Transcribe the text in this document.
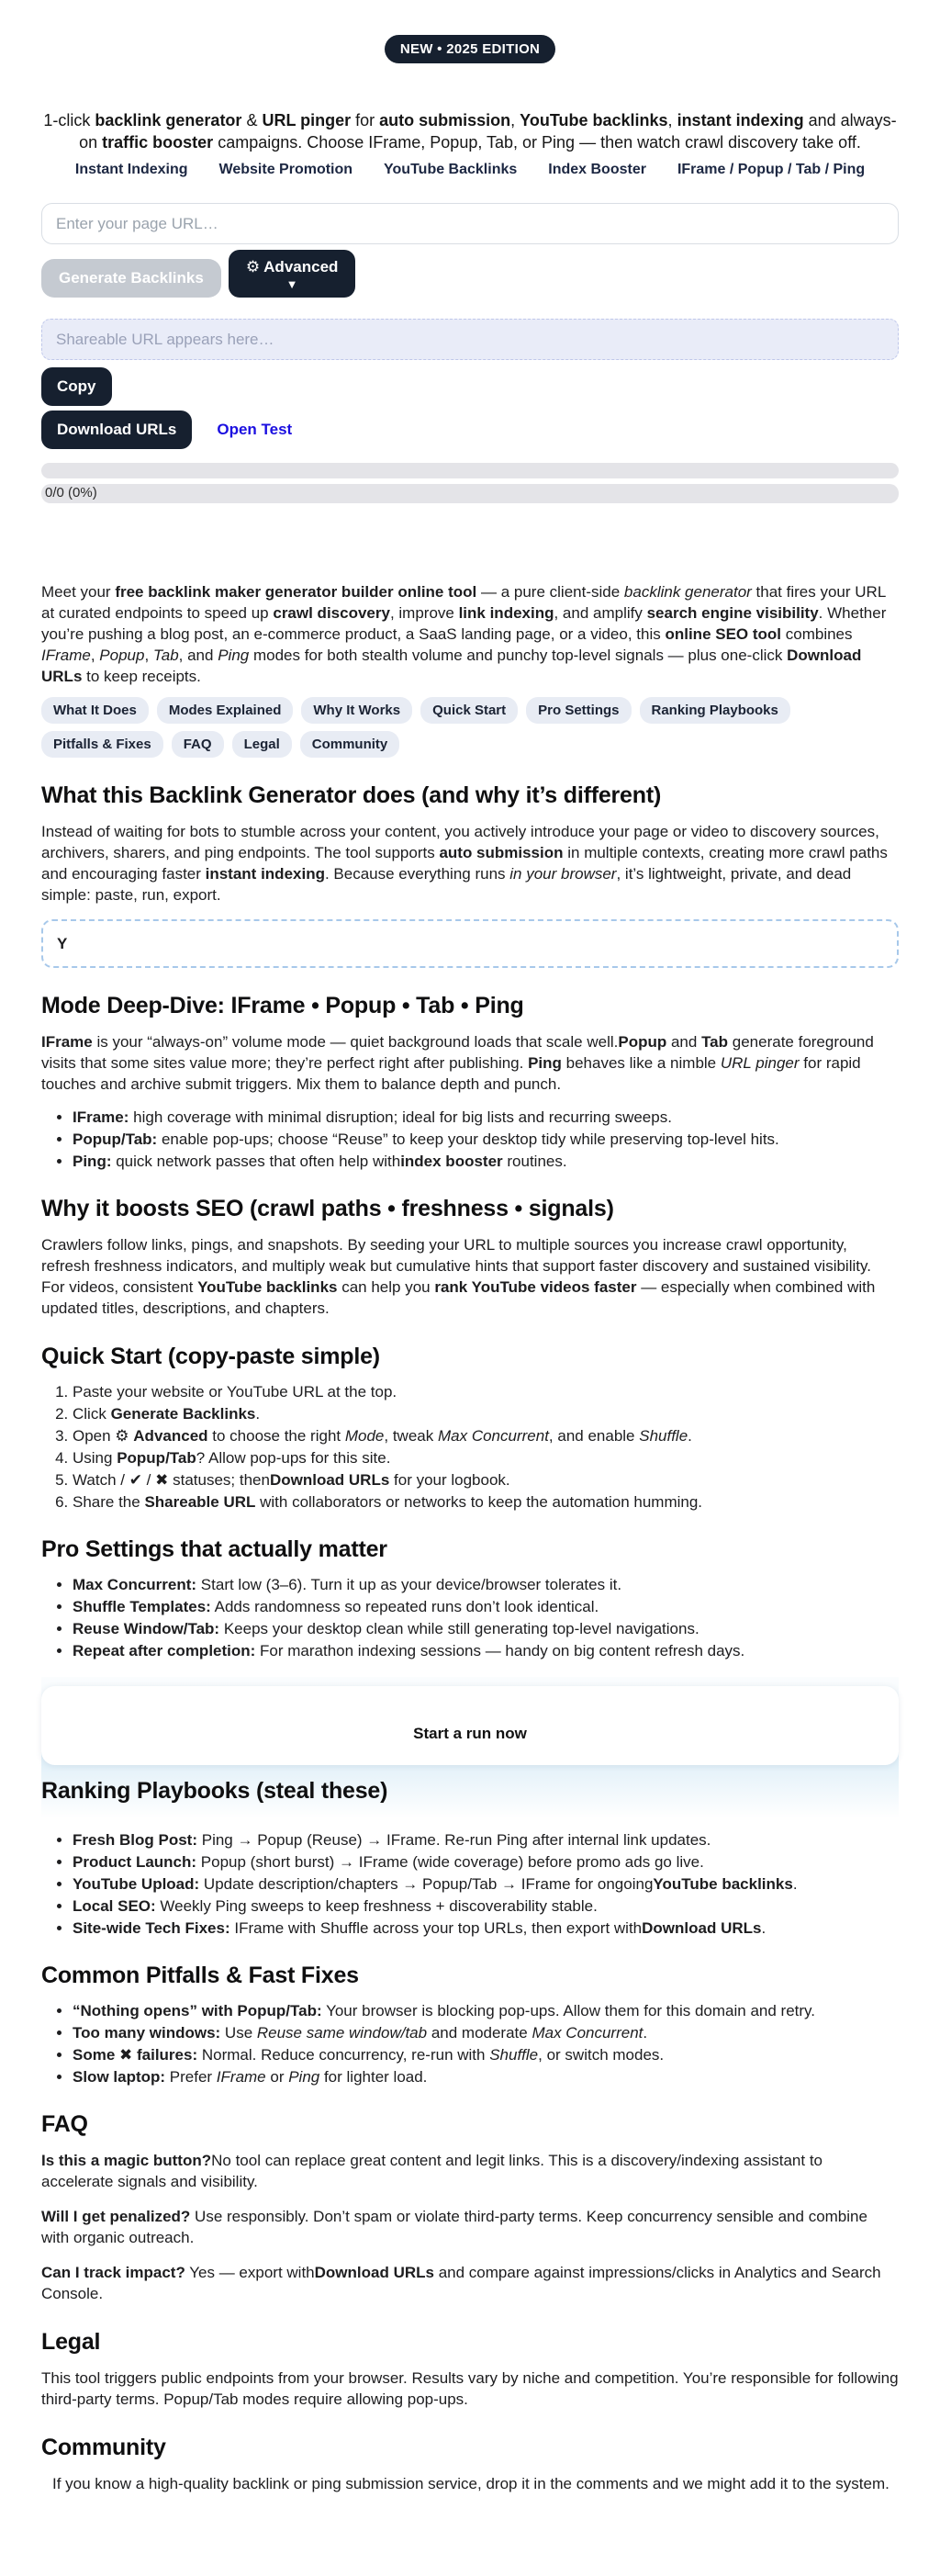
NEW • 2025 EDITION

1-click backlink generator & URL pinger for auto submission, YouTube backlinks, instant indexing and always-on traffic booster campaigns. Choose IFrame, Popup, Tab, or Ping — then watch crawl discovery take off.

Instant Indexing Website Promotion YouTube Backlinks Index Booster IFrame / Popup / Tab / Ping
Enter your page URL…
Generate Backlinks
⚙ Advanced
▼
Shareable URL appears here…
Copy
Download URLs	Open Test
0/0 (0%)

Meet your free backlink maker generator builder online tool — a pure client-side backlink generator that fires your URL at curated endpoints to speed up crawl discovery, improve link indexing, and amplify search engine visibility. Whether you’re pushing a blog post, an e-commerce product, a SaaS landing page, or a video, this online SEO tool combines IFrame, Popup, Tab, and Ping modes for both stealth volume and punchy top-level signals — plus one-click Download URLs to keep receipts.

What It Does	Modes Explained	Why It Works	Quick Start	Pro Settings	Ranking Playbooks
Pitfalls & Fixes	FAQ	Legal	Community
What this Backlink Generator does (and why it’s different)

Instead of waiting for bots to stumble across your content, you actively introduce your page or video to discovery sources, archivers, sharers, and ping endpoints. The tool supports auto submission in multiple contexts, creating more crawl paths and encouraging faster instant indexing. Because everything runs in your browser, it’s lightweight, private, and dead simple: paste, run, export.

Y
Mode Deep-Dive: IFrame • Popup • Tab • Ping

IFrame is your “always-on” volume mode — quiet background loads that scale well.Popup and Tab generate foreground visits that some sites value more; they’re perfect right after publishing. Ping behaves like a nimble URL pinger for rapid touches and archive submit triggers. Mix them to balance depth and punch.

• IFrame: high coverage with minimal disruption; ideal for big lists and recurring sweeps.
• Popup/Tab: enable pop-ups; choose “Reuse” to keep your desktop tidy while preserving top-level hits.
• Ping: quick network passes that often help withindex booster routines.
Why it boosts SEO (crawl paths • freshness • signals)

Crawlers follow links, pings, and snapshots. By seeding your URL to multiple sources you increase crawl opportunity, refresh freshness indicators, and multiply weak but cumulative hints that support faster discovery and sustained visibility. For videos, consistent YouTube backlinks can help you rank YouTube videos faster — especially when combined with updated titles, descriptions, and chapters.

Quick Start (copy-paste simple)
1. Paste your website or YouTube URL at the top.
2. Click Generate Backlinks.
3. Open ⚙ Advanced to choose the right Mode, tweak Max Concurrent, and enable Shuffle.
4. Using Popup/Tab? Allow pop-ups for this site.
5. Watch / ✔ / ✖ statuses; thenDownload URLs for your logbook.
6. Share the Shareable URL with collaborators or networks to keep the automation humming.
Pro Settings that actually matter
• Max Concurrent: Start low (3–6). Turn it up as your device/browser tolerates it.
• Shuffle Templates: Adds randomness so repeated runs don’t look identical.
• Reuse Window/Tab: Keeps your desktop clean while still generating top-level navigations.
• Repeat after completion: For marathon indexing sessions — handy on big content refresh days.
Start a run now
Ranking Playbooks (steal these)
• Fresh Blog Post: Ping → Popup (Reuse) → IFrame. Re-run Ping after internal link updates.
• Product Launch: Popup (short burst) → IFrame (wide coverage) before promo ads go live.
• YouTube Upload: Update description/chapters → Popup/Tab → IFrame for ongoingYouTube backlinks.
• Local SEO: Weekly Ping sweeps to keep freshness + discoverability stable.
• Site-wide Tech Fixes: IFrame with Shuffle across your top URLs, then export withDownload URLs.
Common Pitfalls & Fast Fixes
• “Nothing opens” with Popup/Tab: Your browser is blocking pop-ups. Allow them for this domain and retry.
• Too many windows: Use Reuse same window/tab and moderate Max Concurrent.
• Some ✖ failures: Normal. Reduce concurrency, re-run with Shuffle, or switch modes.
• Slow laptop: Prefer IFrame or Ping for lighter load.
FAQ

Is this a magic button?No tool can replace great content and legit links. This is a discovery/indexing assistant to accelerate signals and visibility.

Will I get penalized? Use responsibly. Don’t spam or violate third-party terms. Keep concurrency sensible and combine with organic outreach.

Can I track impact? Yes — export withDownload URLs and compare against impressions/clicks in Analytics and Search Console.

Legal

This tool triggers public endpoints from your browser. Results vary by niche and competition. You’re responsible for following third-party terms. Popup/Tab modes require allowing pop-ups.

Community

If you know a high-quality backlink or ping submission service, drop it in the comments and we might add it to the system.
